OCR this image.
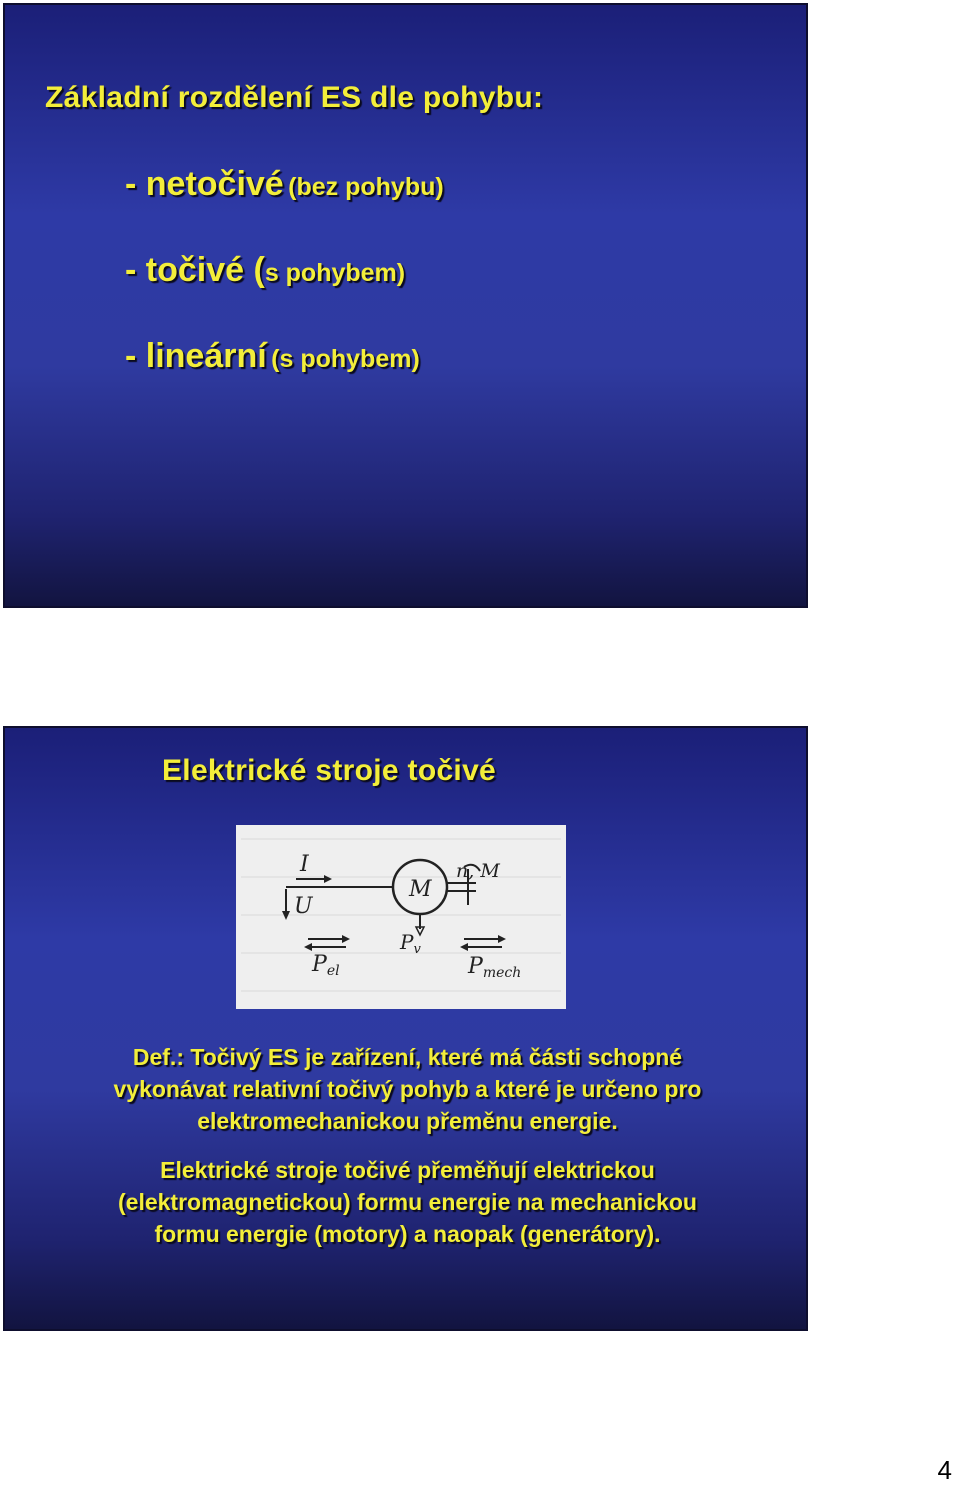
Základní rozdělení ES dle pohybu:
- netočivé (bez pohybu)
- točivé (s pohybem)
- lineární (s pohybem)
Elektrické stroje točivé
I
U
M
n, M
$P_v$
Pel	Pmech
Def.: Točivý ES je zařízení, které má části schopné
vykonávat relativní točivý pohyb a které je určeno pro
elektromechanickou přeměnu energie.
Elektrické stroje točivé přeměňují elektrickou
(elektromagnetickou) formu energie na mechanickou
formu energie (motory) a naopak (generátory).
4
